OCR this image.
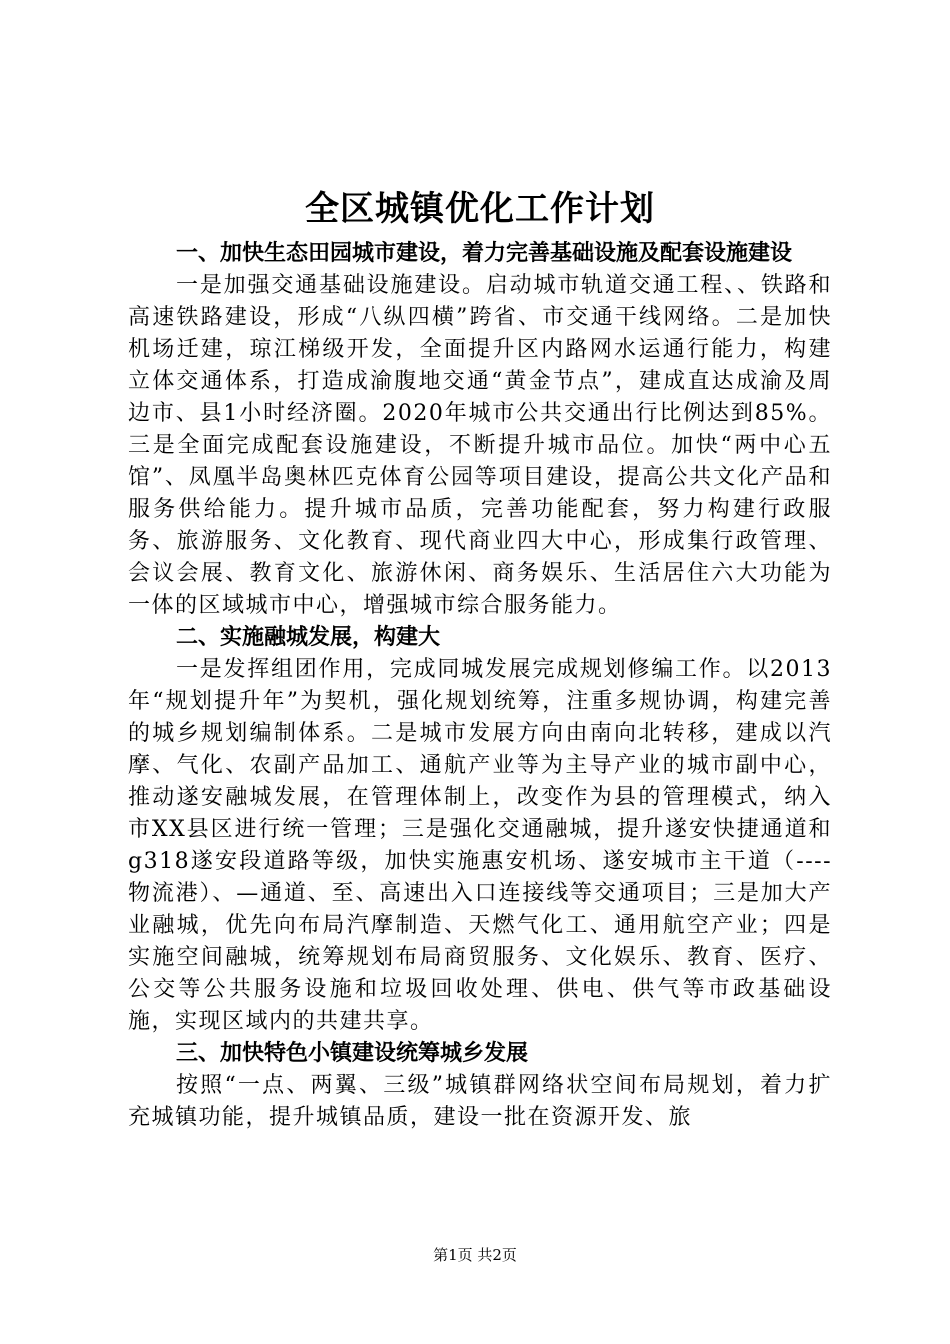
全区城镇优化工作计划

一、加快生态田园城市建设，着力完善基础设施及配套设施建设

一是加强交通基础设施建设。启动城市轨道交通工程、、铁路和高速铁路建设，形成“八纵四横”跨省、市交通干线网络。二是加快机场迁建，琼江梯级开发，全面提升区内路网水运通行能力，构建立体交通体系，打造成渝腹地交通“黄金节点”，建成直达成渝及周边市、县1小时经济圈。2020年城市公共交通出行比例达到85%。三是全面完成配套设施建设，不断提升城市品位。加快“两中心五馆”、凤凰半岛奥林匹克体育公园等项目建设，提高公共文化产品和服务供给能力。提升城市品质，完善功能配套，努力构建行政服务、旅游服务、文化教育、现代商业四大中心，形成集行政管理、会议会展、教育文化、旅游休闲、商务娱乐、生活居住六大功能为一体的区域城市中心，增强城市综合服务能力。

二、实施融城发展，构建大

一是发挥组团作用，完成同城发展完成规划修编工作。以2013年“规划提升年”为契机，强化规划统筹，注重多规协调，构建完善的城乡规划编制体系。二是城市发展方向由南向北转移，建成以汽摩、气化、农副产品加工、通航产业等为主导产业的城市副中心，推动遂安融城发展，在管理体制上，改变作为县的管理模式，纳入市XX县区进行统一管理；三是强化交通融城，提升遂安快捷通道和g318遂安段道路等级，加快实施惠安机场、遂安城市主干道（----物流港）、—通道、至、高速出入口连接线等交通项目；三是加大产业融城，优先向布局汽摩制造、天燃气化工、通用航空产业；四是实施空间融城，统筹规划布局商贸服务、文化娱乐、教育、医疗、公交等公共服务设施和垃圾回收处理、供电、供气等市政基础设施，实现区域内的共建共享。

三、加快特色小镇建设统筹城乡发展

按照“一点、两翼、三级”城镇群网络状空间布局规划，着力扩充城镇功能，提升城镇品质，建设一批在资源开发、旅

第1页 共2页
